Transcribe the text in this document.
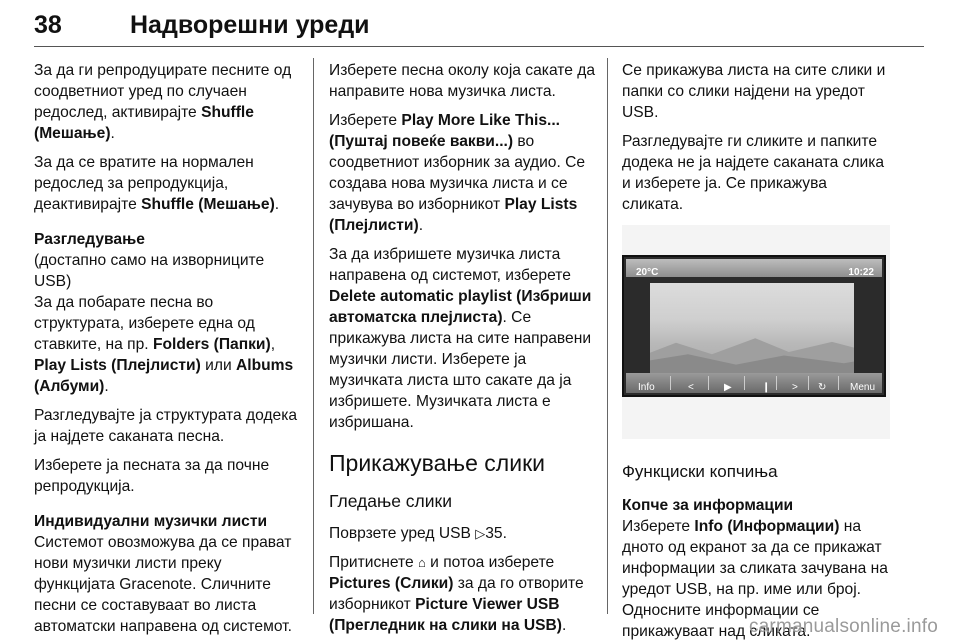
38	Надворешни уреди
За да ги репродуцирате песните од соодветниот уред по случаен редослед, активирајте Shuffle (Мешање).
За да се вратите на нормален редослед за репродукција, деактивирајте Shuffle (Мешање).
Разгледување
(достапно само на изворниците USB)
За да побарате песна во структурата, изберете една од ставките, на пр. Folders (Папки), Play Lists (Плејлисти) или Albums (Албуми).
Разгледувајте ја структурата додека ја најдете саканата песна.
Изберете ја песната за да почне репродукција.
Индивидуални музички листи
Системот овозможува да се прават нови музички листи преку функцијата Gracenote. Сличните песни се составуваат во листа автоматски направена од системот.
Изберете песна околу која сакате да направите нова музичка листа.
Изберете Play More Like This... (Пуштај повеќе вакви...) во соодветниот изборник за аудио. Се создава нова музичка листа и се зачувува во изборникот Play Lists (Плејлисти).
За да избришете музичка листа направена од системот, изберете Delete automatic playlist (Избриши автоматска плејлиста). Се прикажува листа на сите направени музички листи. Изберете ја музичката листа што сакате да ја избришете. Музичката листа е избришана.
Прикажување слики
Гледање слики
Поврзете уред USB ▷35.
Притиснете ⌂ и потоа изберете Pictures (Слики) за да го отворите изборникот Picture Viewer USB (Прегледник на слики на USB).
Се прикажува листа на сите слики и папки со слики најдени на уредот USB.
Разгледувајте ги сликите и папките додека не ја најдете саканата слика и изберете ја. Се прикажува сликата.
20°C	10:22
Info	<	▶	❙ > ↻ Menu
Функциски копчиња
Копче за информации
Изберете Info (Информации) на дното од екранот за да се прикажат информации за сликата зачувана на уредот USB, на пр. име или број. Односните информации се прикажуваат над сликата.
carmanualsonline.info
